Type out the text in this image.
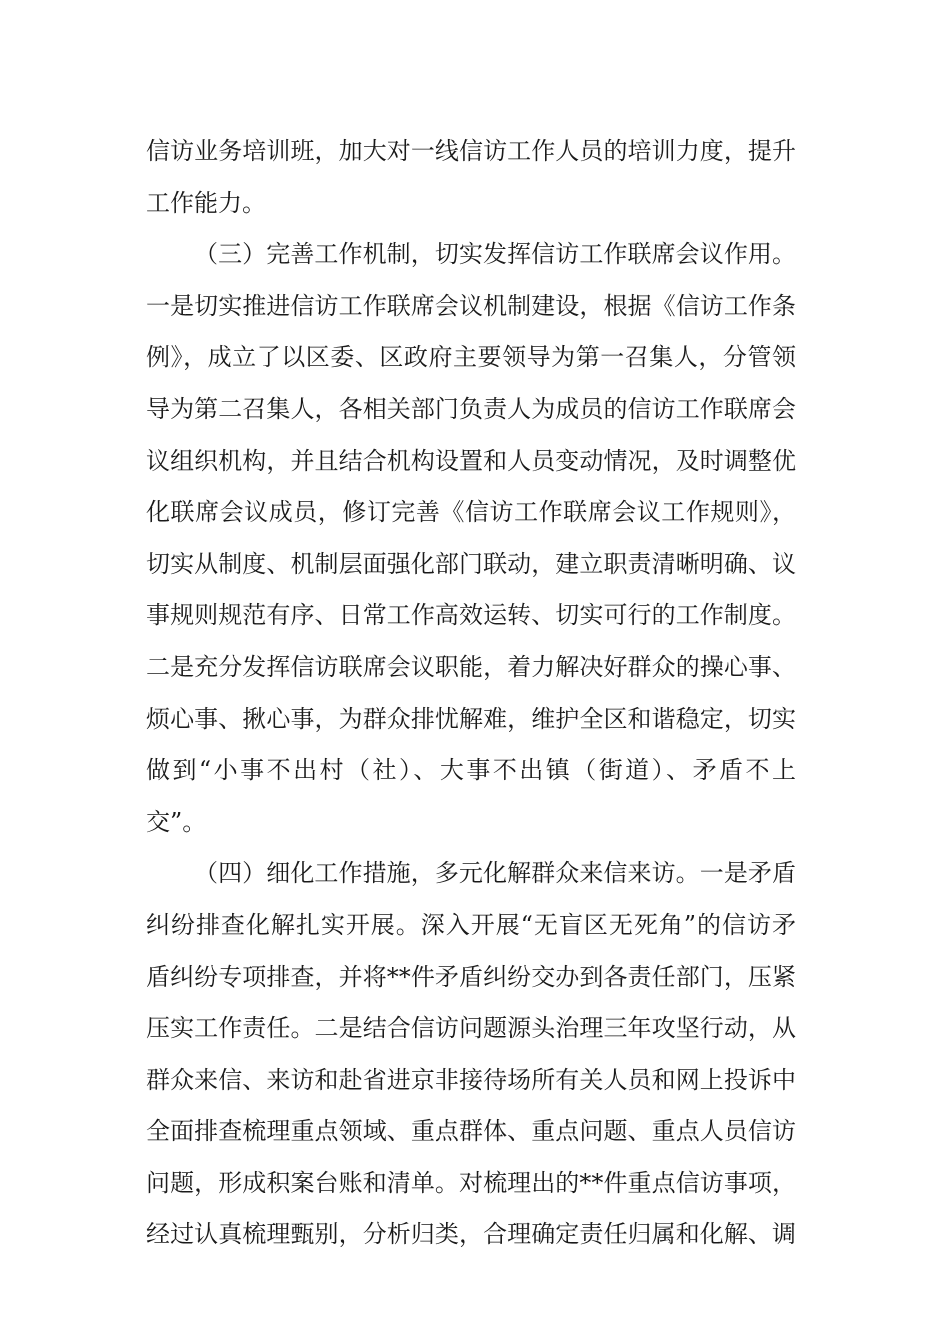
信访业务培训班，加大对一线信访工作人员的培训力度，提升
工作能力。
（三）完善工作机制，切实发挥信访工作联席会议作用。
一是切实推进信访工作联席会议机制建设，根据《信访工作条
例》，成立了以区委、区政府主要领导为第一召集人，分管领
导为第二召集人，各相关部门负责人为成员的信访工作联席会
议组织机构，并且结合机构设置和人员变动情况，及时调整优
化联席会议成员，修订完善《信访工作联席会议工作规则》，
切实从制度、机制层面强化部门联动，建立职责清晰明确、议
事规则规范有序、日常工作高效运转、切实可行的工作制度。
二是充分发挥信访联席会议职能，着力解决好群众的操心事、
烦心事、揪心事，为群众排忧解难，维护全区和谐稳定，切实
做到“小事不出村（社）、大事不出镇（街道）、矛盾不上
交”。
（四）细化工作措施，多元化解群众来信来访。一是矛盾
纠纷排查化解扎实开展。深入开展“无盲区无死角”的信访矛
盾纠纷专项排查，并将**件矛盾纠纷交办到各责任部门，压紧
压实工作责任。二是结合信访问题源头治理三年攻坚行动，从
群众来信、来访和赴省进京非接待场所有关人员和网上投诉中
全面排查梳理重点领域、重点群体、重点问题、重点人员信访
问题，形成积案台账和清单。对梳理出的**件重点信访事项，
经过认真梳理甄别，分析归类，合理确定责任归属和化解、调
